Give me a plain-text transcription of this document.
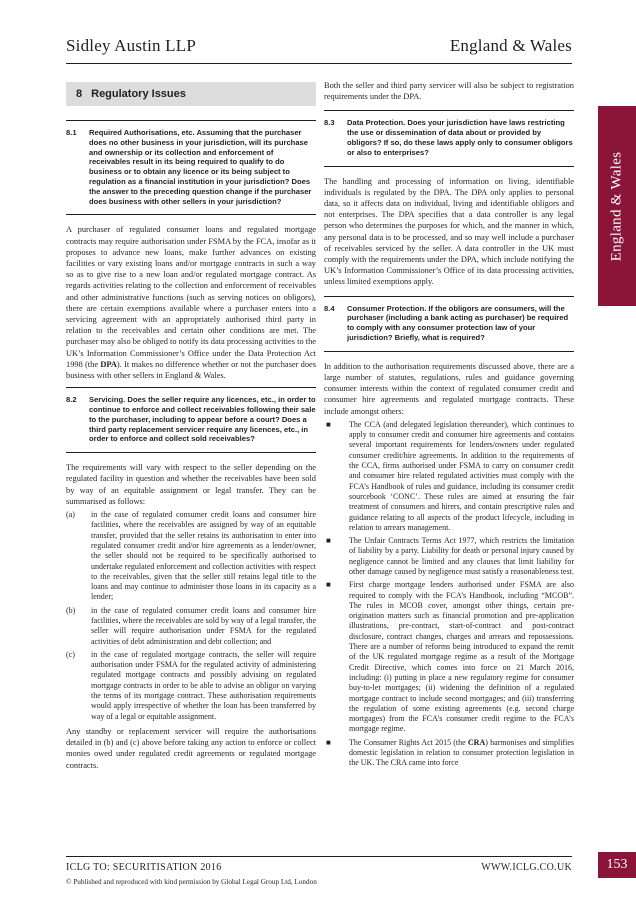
Sidley Austin LLP	England & Wales
England & Wales
8 Regulatory Issues
8.1	Required Authorisations, etc. Assuming that the purchaser does no other business in your jurisdiction, will its purchase and ownership or its collection and enforcement of receivables result in its being required to qualify to do business or to obtain any licence or its being subject to regulation as a financial institution in your jurisdiction? Does the answer to the preceding question change if the purchaser does business with other sellers in your jurisdiction?
A purchaser of regulated consumer loans and regulated mortgage contracts may require authorisation under FSMA by the FCA, insofar as it proposes to advance new loans, make further advances on existing facilities or vary existing loans and/or mortgage contracts in such a way so as to give rise to a new loan and/or regulated mortgage contract. As regards activities relating to the collection and enforcement of receivables and other administrative functions (such as serving notices on obligors), there are certain exemptions available where a purchaser enters into a servicing agreement with an appropriately authorised third party in relation to the receivables and certain other conditions are met. The purchaser may also be obliged to notify its data processing activities to the UK’s Information Commissioner’s Office under the Data Protection Act 1998 (the DPA). It makes no difference whether or not the purchaser does business with other sellers in England & Wales.
8.2	Servicing. Does the seller require any licences, etc., in order to continue to enforce and collect receivables following their sale to the purchaser, including to appear before a court? Does a third party replacement servicer require any licences, etc., in order to enforce and collect sold receivables?
The requirements will vary with respect to the seller depending on the regulated facility in question and whether the receivables have been sold by way of an equitable assignment or legal transfer. They can be summarised as follows:
(a)	in the case of regulated consumer credit loans and consumer hire facilities, where the receivables are assigned by way of an equitable transfer, provided that the seller retains its authorisation to enter into regulated consumer credit and/or hire agreements as a lender/owner, the seller should not be required to be specifically authorised to undertake regulated enforcement and collection activities with respect to the receivables, given that the seller still retains legal title to the loans and may continue to administer those loans in its capacity as a lender;
(b)	in the case of regulated consumer credit loans and consumer hire facilities, where the receivables are sold by way of a legal transfer, the seller will require authorisation under FSMA for the regulated activities of debt administration and debt collection; and
(c)	in the case of regulated mortgage contracts, the seller will require authorisation under FSMA for the regulated activity of administering regulated mortgage contracts and possibly advising on regulated mortgage contracts in order to be able to advise an obligor on varying the terms of its mortgage contract. These authorisation requirements would apply irrespective of whether the loan has been transferred by way of a legal or equitable assignment.
Any standby or replacement servicer will require the authorisations detailed in (b) and (c) above before taking any action to enforce or collect monies owed under regulated credit agreements or regulated mortgage contracts.
Both the seller and third party servicer will also be subject to registration requirements under the DPA.
8.3	Data Protection. Does your jurisdiction have laws restricting the use or dissemination of data about or provided by obligors? If so, do these laws apply only to consumer obligors or also to enterprises?
The handling and processing of information on living, identifiable individuals is regulated by the DPA. The DPA only applies to personal data, so it affects data on individual, living and identifiable obligors and not enterprises. The DPA specifies that a data controller is any legal person who determines the purposes for which, and the manner in which, any personal data is to be processed, and so may well include a purchaser of receivables serviced by the seller. A data controller in the UK must comply with the requirements under the DPA, which include notifying the UK’s Information Commissioner’s Office of its data processing activities, unless limited exemptions apply.
8.4	Consumer Protection. If the obligors are consumers, will the purchaser (including a bank acting as purchaser) be required to comply with any consumer protection law of your jurisdiction? Briefly, what is required?
In addition to the authorisation requirements discussed above, there are a large number of statutes, regulations, rules and guidance governing consumer interests within the context of regulated consumer credit and consumer hire agreements and regulated mortgage contracts. These include amongst others:
■	The CCA (and delegated legislation thereunder), which continues to apply to consumer credit and consumer hire agreements and contains several important requirements for lenders/owners under regulated consumer credit/hire agreements. In addition to the requirements of the CCA, firms authorised under FSMA to carry on consumer credit and consumer hire related regulated activities must comply with the FCA’s Handbook of rules and guidance, including its consumer credit sourcebook ‘CONC’. These rules are aimed at ensuring the fair treatment of consumers and hirers, and contain prescriptive rules and guidance relating to all aspects of the product lifecycle, including in relation to arrears management.
■	The Unfair Contracts Terms Act 1977, which restricts the limitation of liability by a party. Liability for death or personal injury caused by negligence cannot be limited and any clauses that limit liability for other damage caused by negligence must satisfy a reasonableness test.
■	First charge mortgage lenders authorised under FSMA are also required to comply with the FCA’s Handbook, including “MCOB”. The rules in MCOB cover, amongst other things, certain pre-origination matters such as financial promotion and pre-application illustrations, pre-contract, start-of-contract and post-contract disclosure, contract changes, charges and arrears and repossessions. There are a number of reforms being introduced to expand the remit of the UK regulated mortgage regime as a result of the Mortgage Credit Directive, which comes into force on 21 March 2016, including: (i) putting in place a new regulatory regime for consumer buy-to-let mortgages; (ii) widening the definition of a regulated mortgage contract to include second mortgages; and (iii) transferring the regulation of some existing agreements (e.g. second charge mortgages) from the FCA’s consumer credit regime to the FCA’s mortgage regime.
■	The Consumer Rights Act 2015 (the CRA) harmonises and simplifies domestic legislation in relation to consumer protection legislation in the UK. The CRA came into force
ICLG TO: SECURITISATION 2016	WWW.ICLG.CO.UK
© Published and reproduced with kind permission by Global Legal Group Ltd, London
153
